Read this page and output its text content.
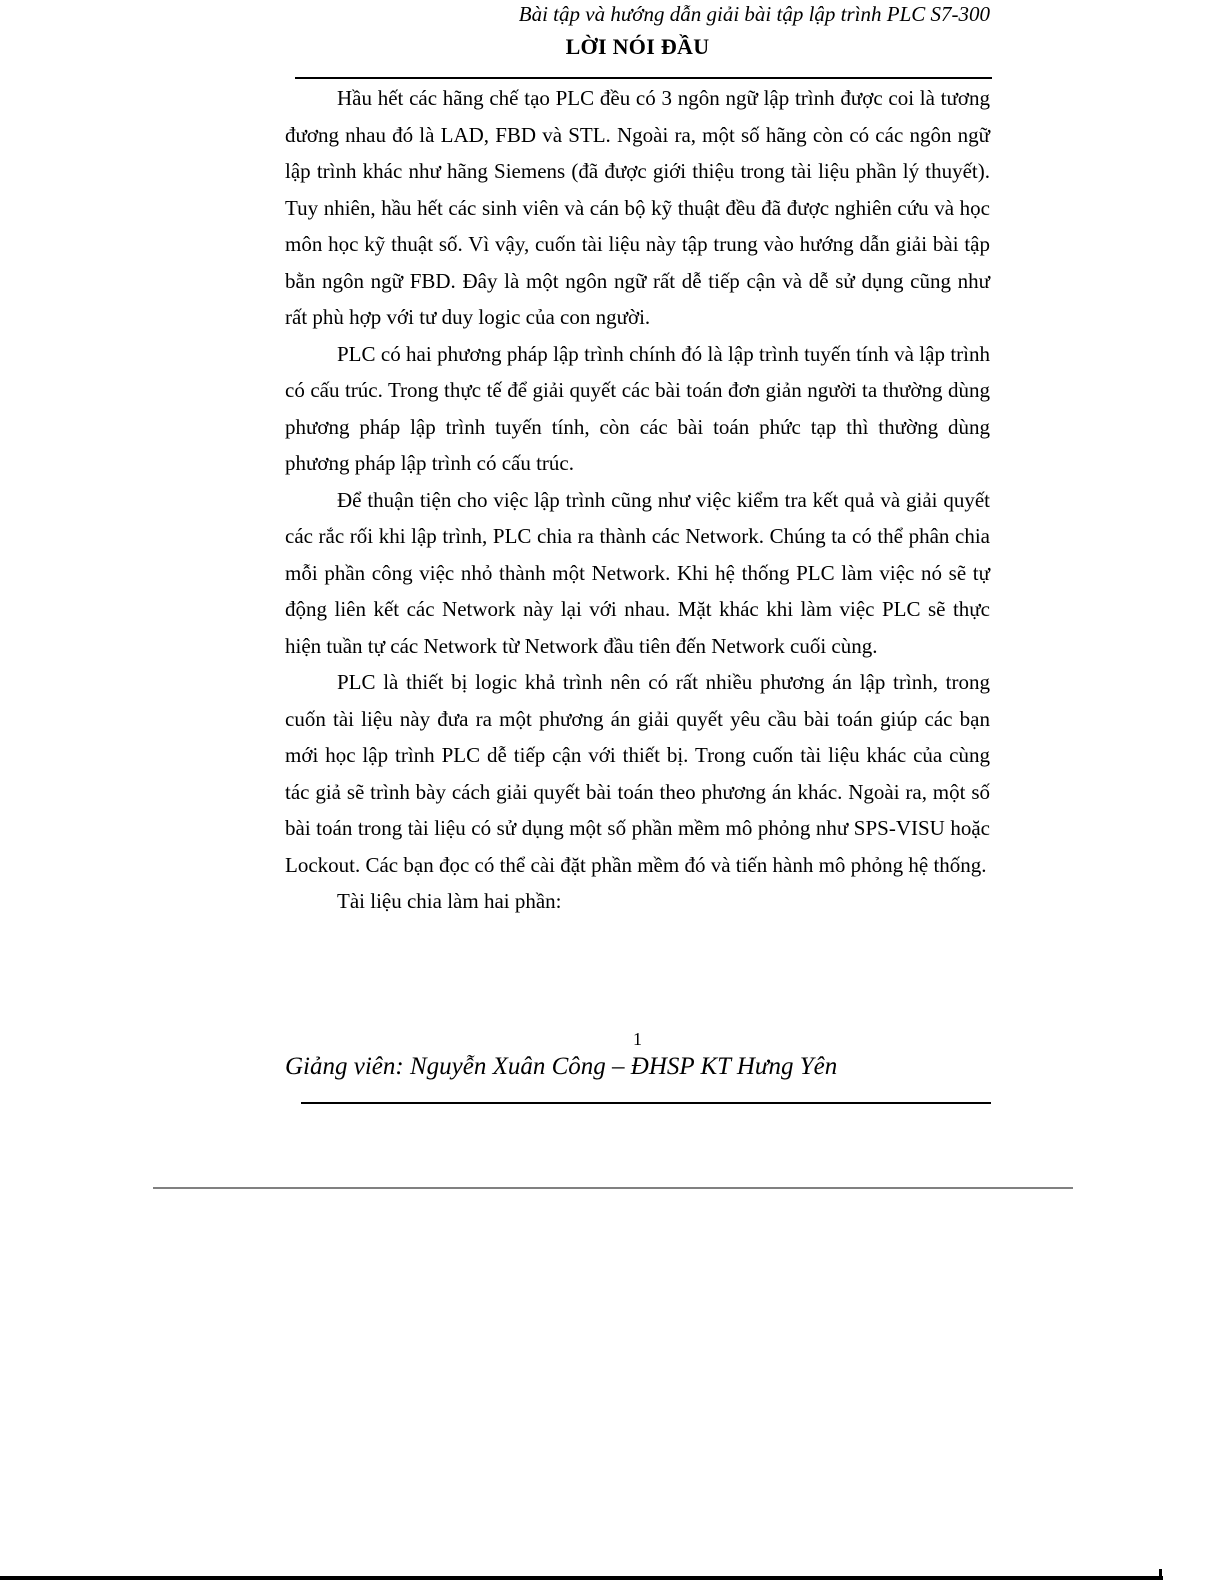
Bài tập và hướng dẫn giải bài tập lập trình PLC S7-300
LỜI NÓI ĐẦU

Hầu hết các hãng chế tạo PLC đều có 3 ngôn ngữ lập trình được coi là tương đương nhau đó là LAD, FBD và STL. Ngoài ra, một số hãng còn có các ngôn ngữ lập trình khác như hãng Siemens (đã được giới thiệu trong tài liệu phần lý thuyết). Tuy nhiên, hầu hết các sinh viên và cán bộ kỹ thuật đều đã được nghiên cứu và học môn học kỹ thuật số. Vì vậy, cuốn tài liệu này tập trung vào hướng dẫn giải bài tập bằn ngôn ngữ FBD. Đây là một ngôn ngữ rất dễ tiếp cận và dễ sử dụng cũng như rất phù hợp với tư duy logic của con người.

PLC có hai phương pháp lập trình chính đó là lập trình tuyến tính và lập trình có cấu trúc. Trong thực tế để giải quyết các bài toán đơn giản người ta thường dùng phương pháp lập trình tuyến tính, còn các bài toán phức tạp thì thường dùng phương pháp lập trình có cấu trúc.

Để thuận tiện cho việc lập trình cũng như việc kiểm tra kết quả và giải quyết các rắc rối khi lập trình, PLC chia ra thành các Network. Chúng ta có thể phân chia mỗi phần công việc nhỏ thành một Network. Khi hệ thống PLC làm việc nó sẽ tự động liên kết các Network này lại với nhau. Mặt khác khi làm việc PLC sẽ thực hiện tuần tự các Network từ Network đầu tiên đến Network cuối cùng.

PLC là thiết bị logic khả trình nên có rất nhiều phương án lập trình, trong cuốn tài liệu này đưa ra một phương án giải quyết yêu cầu bài toán giúp các bạn mới học lập trình PLC dễ tiếp cận với thiết bị. Trong cuốn tài liệu khác của cùng tác giả sẽ trình bày cách giải quyết bài toán theo phương án khác. Ngoài ra, một số bài toán trong tài liệu có sử dụng một số phần mềm mô phỏng như SPS-VISU hoặc Lockout. Các bạn đọc có thể cài đặt phần mềm đó và tiến hành mô phỏng hệ thống.

Tài liệu chia làm hai phần:

1
Giảng viên: Nguyễn Xuân Công – ĐHSP KT Hưng Yên
